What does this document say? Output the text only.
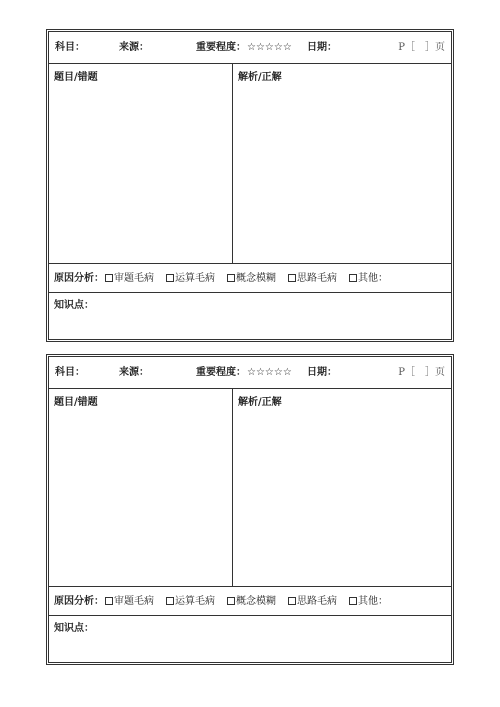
科目：	来源：	重要程度： ☆☆☆☆☆ 日期：	P［　］页
题目/错题	解析/正解
原因分析：	审题毛病	运算毛病	概念模糊	思路毛病	其他：
知识点：
科目：	来源：	重要程度： ☆☆☆☆☆ 日期：	P［　］页
题目/错题	解析/正解
原因分析：	审题毛病	运算毛病	概念模糊	思路毛病	其他：
知识点：
